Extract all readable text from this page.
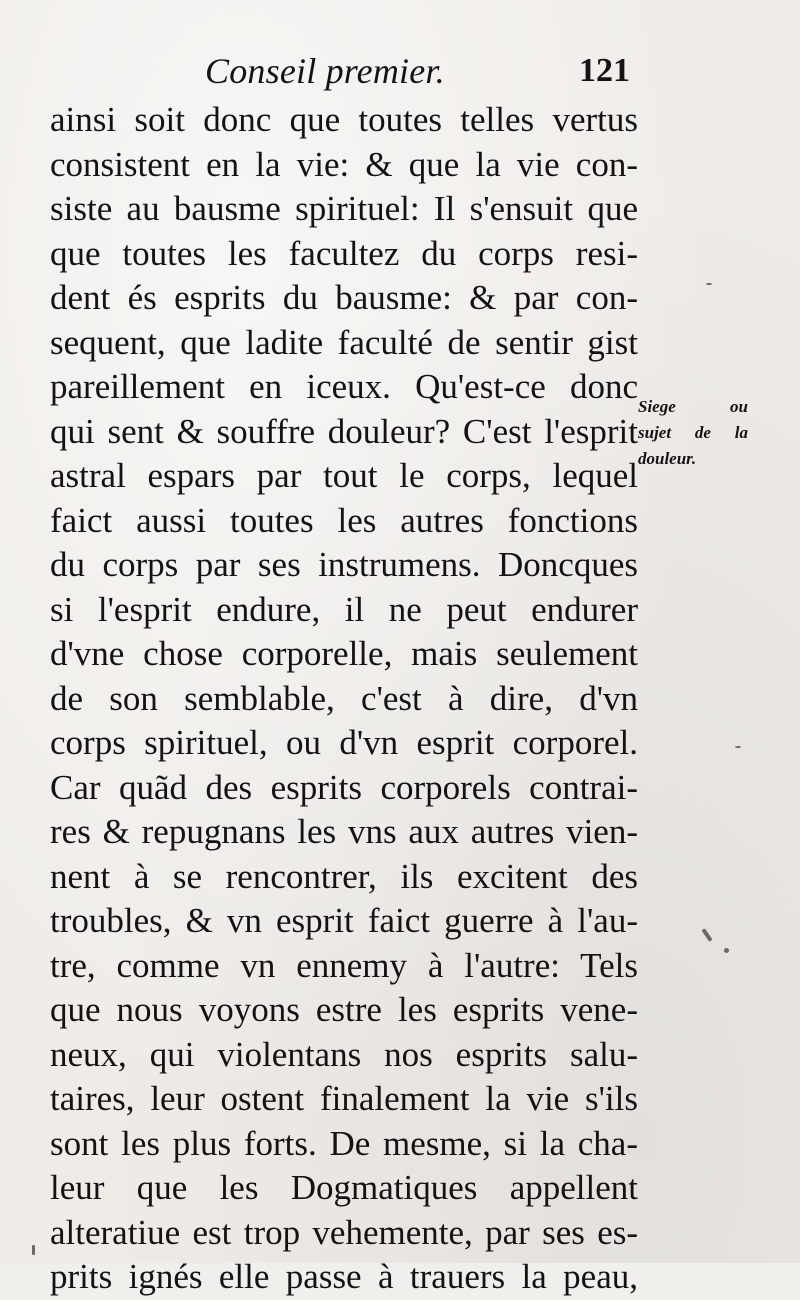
Conseil premier.	121
ainsi soit donc que toutes telles vertus
consistent en la vie: & que la vie con-
siste au bausme spirituel: Il s'ensuit que
que toutes les facultez du corps resi-
dent és esprits du bausme: & par con-
sequent, que ladite faculté de sentir gist
pareillement en iceux. Qu'est-ce donc
qui sent & souffre douleur? C'est l'esprit
astral espars par tout le corps, lequel
faict aussi toutes les autres fonctions
du corps par ses instrumens. Doncques
si l'esprit endure, il ne peut endurer
d'vne chose corporelle, mais seulement
de son semblable, c'est à dire, d'vn
corps spirituel, ou d'vn esprit corporel.
Car quãd des esprits corporels contrai-
res & repugnans les vns aux autres vien-
nent à se rencontrer, ils excitent des
troubles, & vn esprit faict guerre à l'au-
tre, comme vn ennemy à l'autre: Tels
que nous voyons estre les esprits vene-
neux, qui violentans nos esprits salu-
taires, leur ostent finalement la vie s'ils
sont les plus forts. De mesme, si la cha-
leur que les Dogmatiques appellent
alteratiue est trop vehemente, par ses es-
prits ignés elle passe à trauers la peau,
Siege ou
sujet de la
douleur.
